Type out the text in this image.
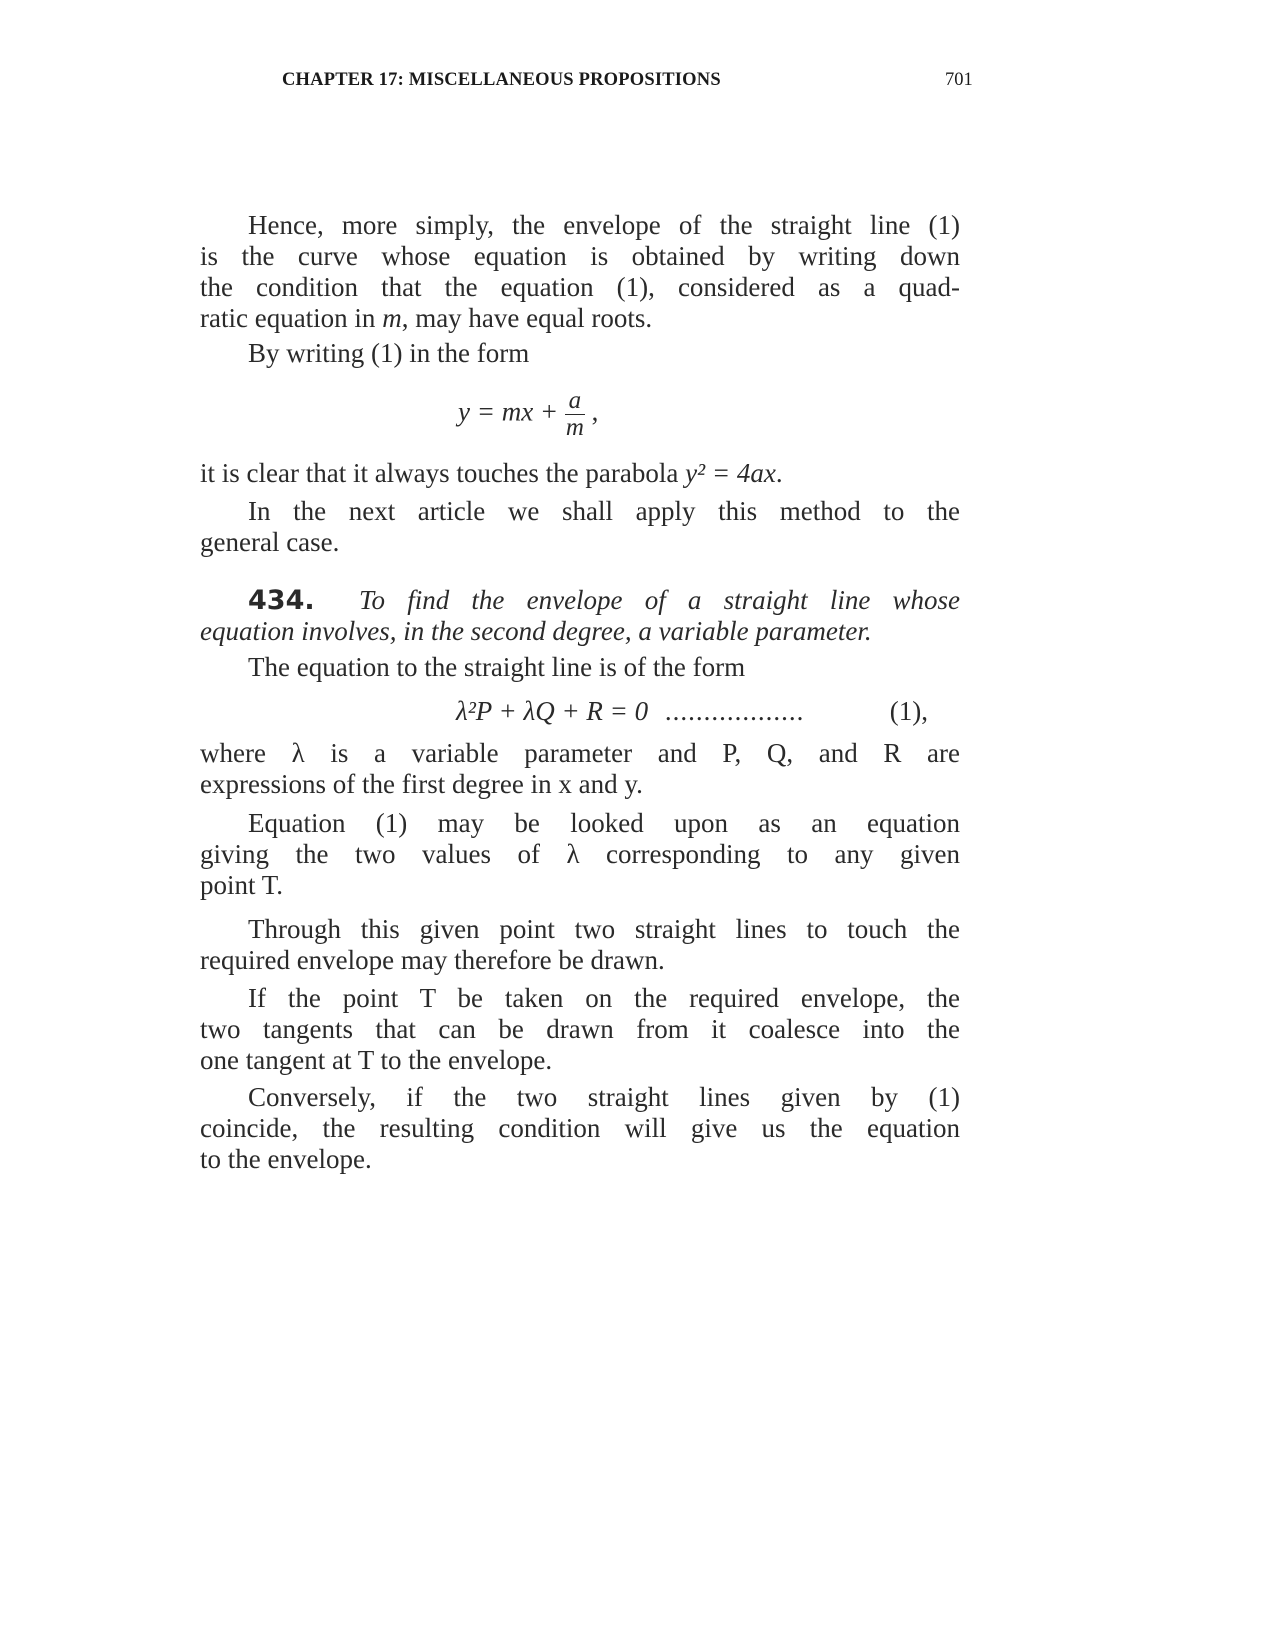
CHAPTER 17: MISCELLANEOUS PROPOSITIONS	701
Hence, more simply, the envelope of the straight line (1)
is the curve whose equation is obtained by writing down
the condition that the equation (1), considered as a quad-
ratic equation in m, may have equal roots.
By writing (1) in the form
y = mx + $\frac{a}{m}$ ,
it is clear that it always touches the parabola y² = 4ax.
In the next article we shall apply this method to the
general case.
434. To find the envelope of a straight line whose
equation involves, in the second degree, a variable parameter.
The equation to the straight line is of the form
λ²P + λQ + R = 0 ..................	(1),
where λ is a variable parameter and P, Q, and R are
expressions of the first degree in x and y.
Equation (1) may be looked upon as an equation
giving the two values of λ corresponding to any given
point T.
Through this given point two straight lines to touch the
required envelope may therefore be drawn.
If the point T be taken on the required envelope, the
two tangents that can be drawn from it coalesce into the
one tangent at T to the envelope.
Conversely, if the two straight lines given by (1)
coincide, the resulting condition will give us the equation
to the envelope.
